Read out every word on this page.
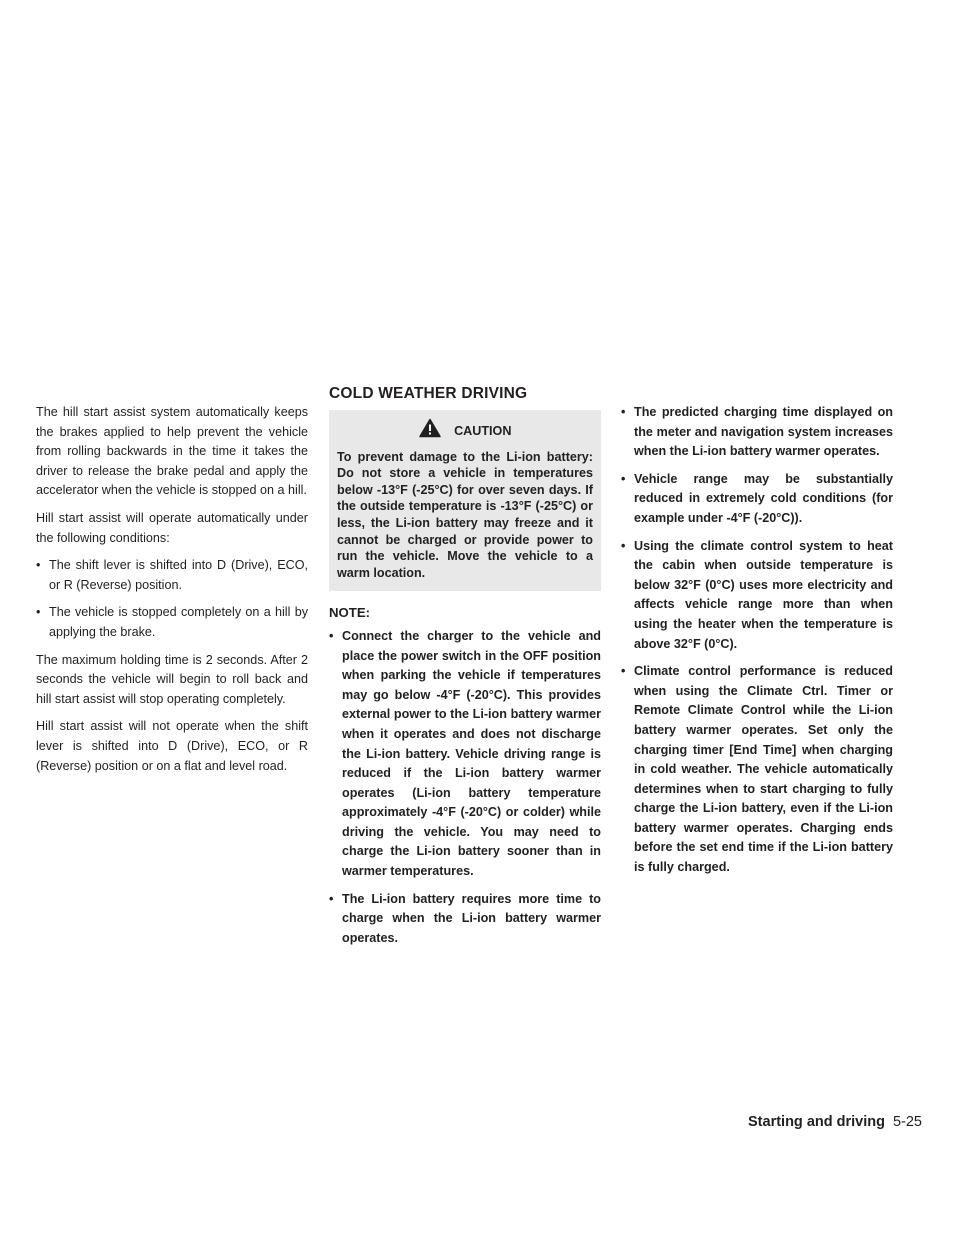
The hill start assist system automatically keeps the brakes applied to help prevent the vehicle from rolling backwards in the time it takes the driver to release the brake pedal and apply the accelerator when the vehicle is stopped on a hill.

Hill start assist will operate automatically under the following conditions:

• The shift lever is shifted into D (Drive), ECO, or R (Reverse) position.
• The vehicle is stopped completely on a hill by applying the brake.

The maximum holding time is 2 seconds. After 2 seconds the vehicle will begin to roll back and hill start assist will stop operating completely.

Hill start assist will not operate when the shift lever is shifted into D (Drive), ECO, or R (Reverse) position or on a flat and level road.

COLD WEATHER DRIVING
CAUTION
To prevent damage to the Li-ion battery: Do not store a vehicle in temperatures below -13°F (-25°C) for over seven days. If the outside temperature is -13°F (-25°C) or less, the Li-ion battery may freeze and it cannot be charged or provide power to run the vehicle. Move the vehicle to a warm location.
NOTE:
• Connect the charger to the vehicle and place the power switch in the OFF position when parking the vehicle if temperatures may go below -4°F (-20°C). This provides external power to the Li-ion battery warmer when it operates and does not discharge the Li-ion battery. Vehicle driving range is reduced if the Li-ion battery warmer operates (Li-ion battery temperature approximately -4°F (-20°C) or colder) while driving the vehicle. You may need to charge the Li-ion battery sooner than in warmer temperatures.
• The Li-ion battery requires more time to charge when the Li-ion battery warmer operates.
• The predicted charging time displayed on the meter and navigation system increases when the Li-ion battery warmer operates.
• Vehicle range may be substantially reduced in extremely cold conditions (for example under -4°F (-20°C)).
• Using the climate control system to heat the cabin when outside temperature is below 32°F (0°C) uses more electricity and affects vehicle range more than when using the heater when the temperature is above 32°F (0°C).
• Climate control performance is reduced when using the Climate Ctrl. Timer or Remote Climate Control while the Li-ion battery warmer operates. Set only the charging timer [End Time] when charging in cold weather. The vehicle automatically determines when to start charging to fully charge the Li-ion battery, even if the Li-ion battery warmer operates. Charging ends before the set end time if the Li-ion battery is fully charged.
Starting and driving 5-25
